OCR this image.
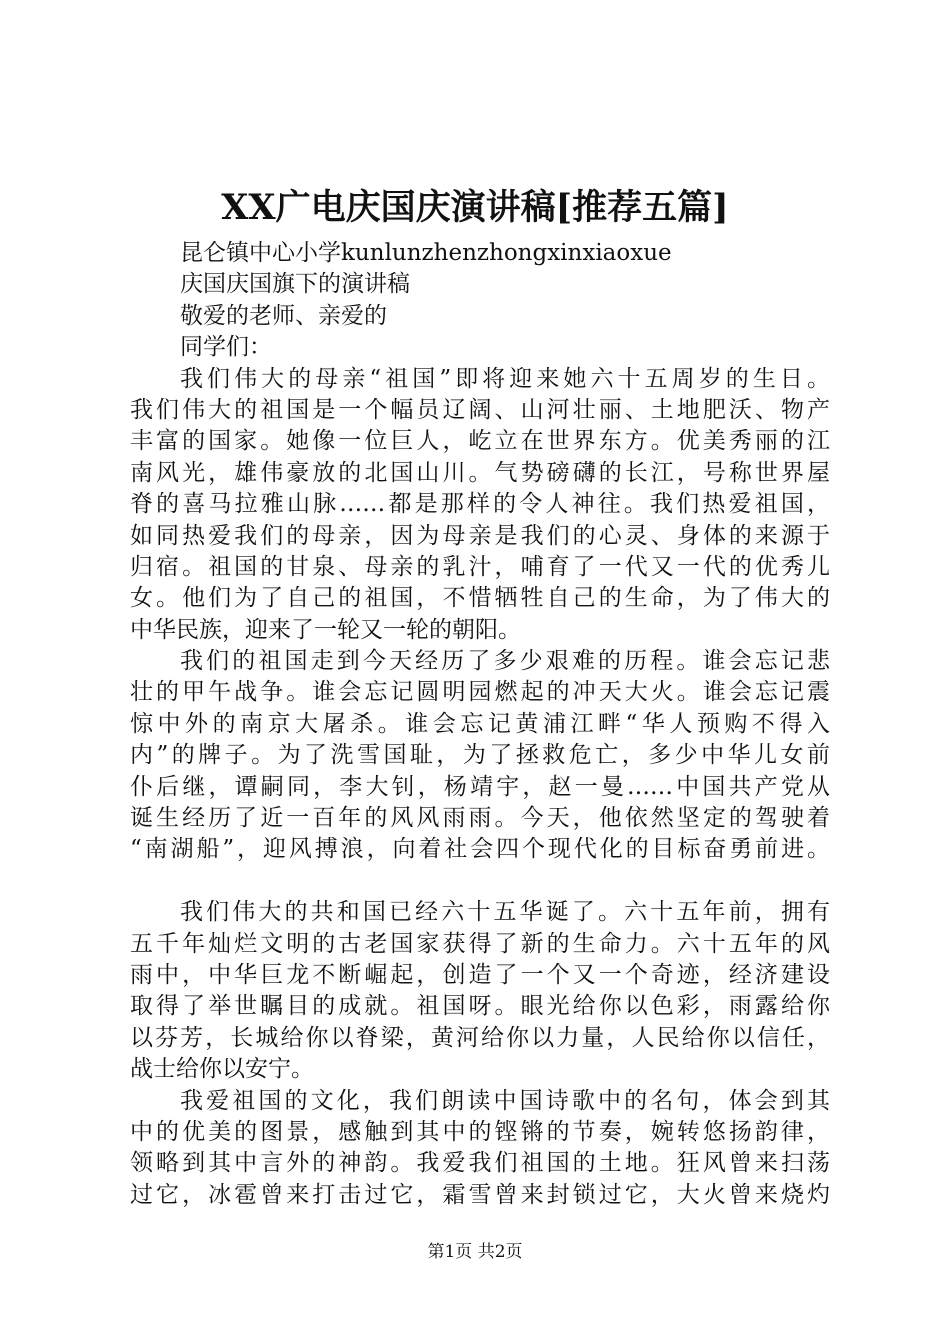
XX广电庆国庆演讲稿[推荐五篇]
昆仑镇中心小学kunlunzhenzhongxinxiaoxue
庆国庆国旗下的演讲稿
敬爱的老师、亲爱的
同学们：
我们伟大的母亲“祖国”即将迎来她六十五周岁的生日。
我们伟大的祖国是一个幅员辽阔、山河壮丽、土地肥沃、物产
丰富的国家。她像一位巨人，屹立在世界东方。优美秀丽的江
南风光，雄伟豪放的北国山川。气势磅礴的长江，号称世界屋
脊的喜马拉雅山脉……都是那样的令人神往。我们热爱祖国，
如同热爱我们的母亲，因为母亲是我们的心灵、身体的来源于
归宿。祖国的甘泉、母亲的乳汁，哺育了一代又一代的优秀儿
女。他们为了自己的祖国，不惜牺牲自己的生命，为了伟大的
中华民族，迎来了一轮又一轮的朝阳。
我们的祖国走到今天经历了多少艰难的历程。谁会忘记悲
壮的甲午战争。谁会忘记圆明园燃起的冲天大火。谁会忘记震
惊中外的南京大屠杀。谁会忘记黄浦江畔“华人预购不得入
内”的牌子。为了洗雪国耻，为了拯救危亡，多少中华儿女前
仆后继，谭嗣同，李大钊，杨靖宇，赵一曼……中国共产党从
诞生经历了近一百年的风风雨雨。今天，他依然坚定的驾驶着
“南湖船”，迎风搏浪，向着社会四个现代化的目标奋勇前进。
我们伟大的共和国已经六十五华诞了。六十五年前，拥有
五千年灿烂文明的古老国家获得了新的生命力。六十五年的风
雨中，中华巨龙不断崛起，创造了一个又一个奇迹，经济建设
取得了举世瞩目的成就。祖国呀。眼光给你以色彩，雨露给你
以芬芳，长城给你以脊梁，黄河给你以力量，人民给你以信任，
战士给你以安宁。
我爱祖国的文化，我们朗读中国诗歌中的名句，体会到其
中的优美的图景，感触到其中的铿锵的节奏，婉转悠扬韵律，
领略到其中言外的神韵。我爱我们祖国的土地。狂风曾来扫荡
过它，冰雹曾来打击过它，霜雪曾来封锁过它，大火曾来烧灼
第1页 共2页
